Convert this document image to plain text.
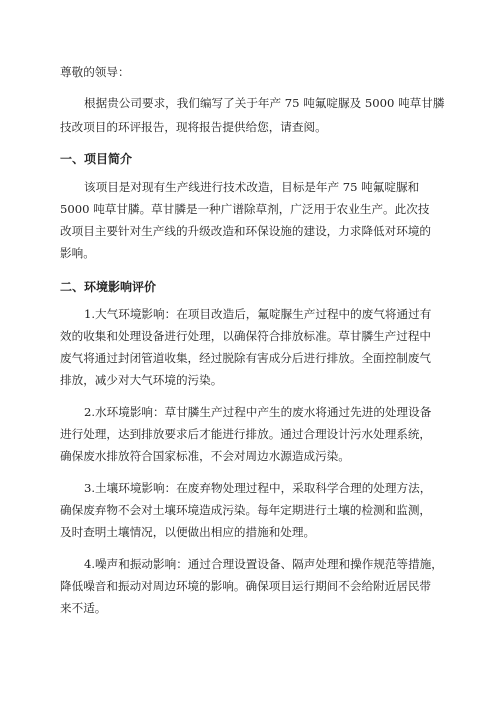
尊敬的领导：
根据贵公司要求，我们编写了关于年产 75 吨氟啶脲及 5000 吨草甘膦
技改项目的环评报告，现将报告提供给您，请查阅。
一、项目简介
该项目是对现有生产线进行技术改造，目标是年产 75 吨氟啶脲和
5000 吨草甘膦。草甘膦是一种广谱除草剂，广泛用于农业生产。此次技
改项目主要针对生产线的升级改造和环保设施的建设，力求降低对环境的
影响。
二、环境影响评价
1.大气环境影响：在项目改造后，氟啶脲生产过程中的废气将通过有
效的收集和处理设备进行处理，以确保符合排放标准。草甘膦生产过程中
废气将通过封闭管道收集，经过脱除有害成分后进行排放。全面控制废气
排放，减少对大气环境的污染。
2.水环境影响：草甘膦生产过程中产生的废水将通过先进的处理设备
进行处理，达到排放要求后才能进行排放。通过合理设计污水处理系统，
确保废水排放符合国家标准，不会对周边水源造成污染。
3.土壤环境影响：在废弃物处理过程中，采取科学合理的处理方法，
确保废弃物不会对土壤环境造成污染。每年定期进行土壤的检测和监测，
及时查明土壤情况，以便做出相应的措施和处理。
4.噪声和振动影响：通过合理设置设备、隔声处理和操作规范等措施，
降低噪音和振动对周边环境的影响。确保项目运行期间不会给附近居民带
来不适。
